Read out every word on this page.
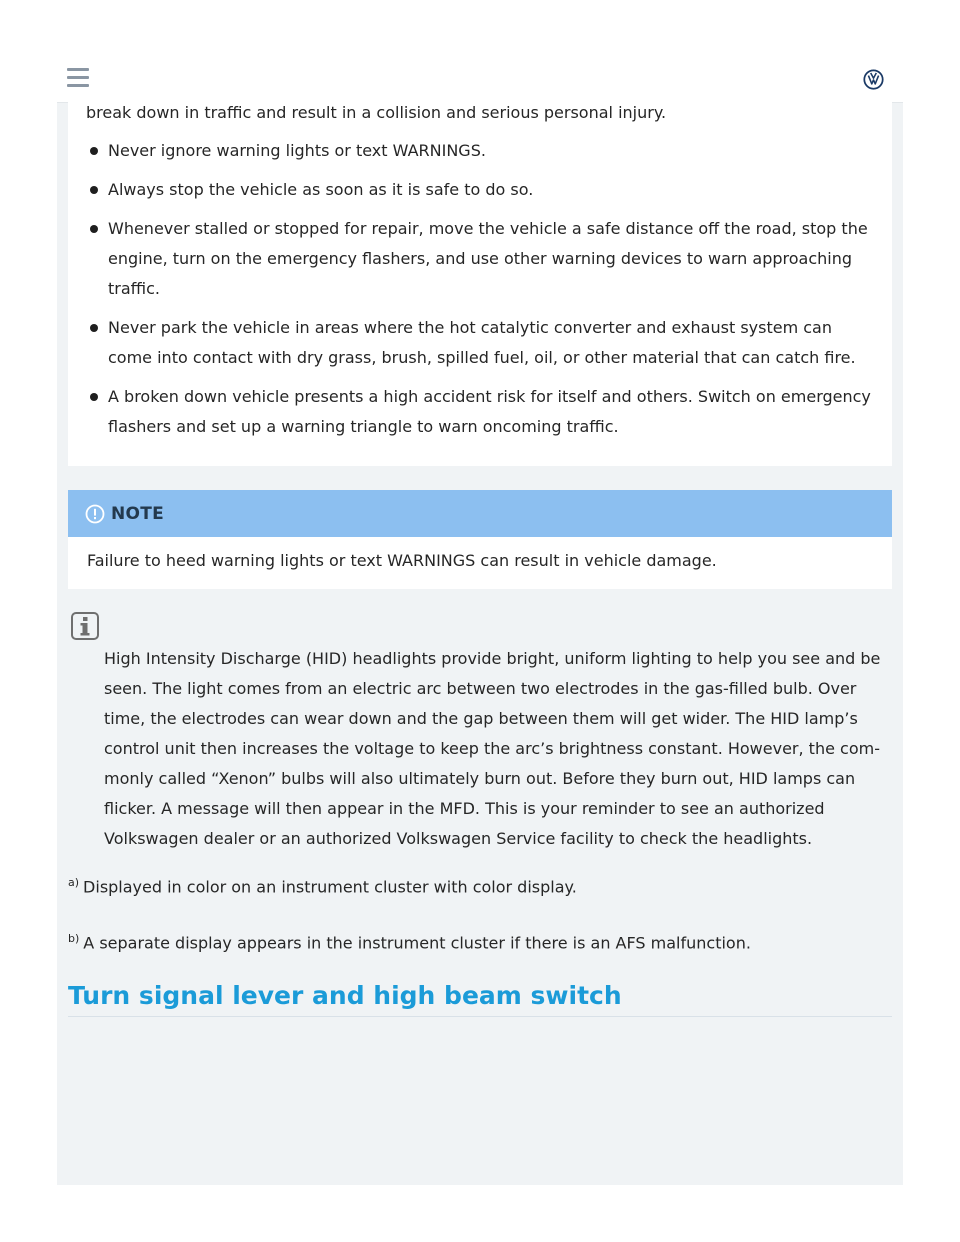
break down in traffic and result in a collision and serious personal injury.

Never ignore warning lights or text WARNINGS.
Always stop the vehicle as soon as it is safe to do so.
Whenever stalled or stopped for repair, move the vehicle a safe distance off the road, stop the engine, turn on the emergency flashers, and use other warning devices to warn approaching traffic.
Never park the vehicle in areas where the hot catalytic converter and exhaust system can come into contact with dry grass, brush, spilled fuel, oil, or other material that can catch fire.
A broken down vehicle presents a high accident risk for itself and others. Switch on emergency flashers and set up a warning triangle to warn oncoming traffic.
NOTE
Failure to heed warning lights or text WARNINGS can result in vehicle damage.

High Intensity Discharge (HID) headlights provide bright, uniform lighting to help you see and be seen. The light comes from an electric arc between two electrodes in the gas-filled bulb. Over time, the electrodes can wear down and the gap between them will get wider. The HID lamp’s control unit then increases the voltage to keep the arc’s brightness constant. However, the com-monly called “Xenon” bulbs will also ultimately burn out. Before they burn out, HID lamps can flicker. A message will then appear in the MFD. This is your reminder to see an authorized Volkswagen dealer or an authorized Volkswagen Service facility to check the headlights.

$^{a)}$ Displayed in color on an instrument cluster with color display.

$^{b)}$ A separate display appears in the instrument cluster if there is an AFS malfunction.

Turn signal lever and high beam switch
